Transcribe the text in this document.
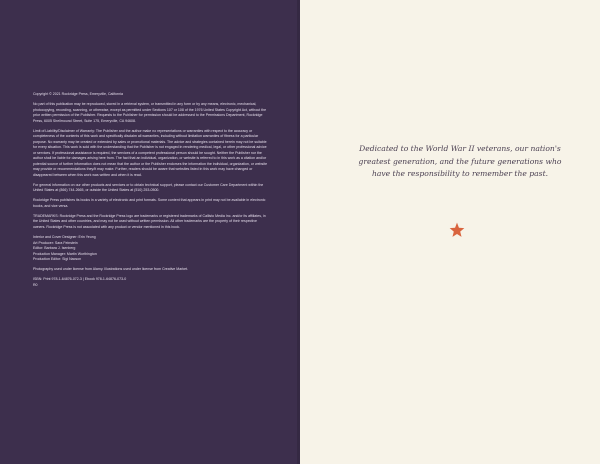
Copyright © 2021 Rockridge Press, Emeryville, California

No part of this publication may be reproduced, stored in a retrieval system, or transmitted in any form or by any means, electronic, mechanical, photocopying, recording, scanning, or otherwise, except as permitted under Sections 107 or 108 of the 1976 United States Copyright Act, without the prior written permission of the Publisher. Requests to the Publisher for permission should be addressed to the Permissions Department, Rockridge Press, 6005 Shellmound Street, Suite 175, Emeryville, CA 94608.

Limit of Liability/Disclaimer of Warranty: The Publisher and the author make no representations or warranties with respect to the accuracy or completeness of the contents of this work and specifically disclaim all warranties, including without limitation warranties of fitness for a particular purpose. No warranty may be created or extended by sales or promotional materials. The advice and strategies contained herein may not be suitable for every situation. This work is sold with the understanding that the Publisher is not engaged in rendering medical, legal, or other professional advice or services. If professional assistance is required, the services of a competent professional person should be sought. Neither the Publisher nor the author shall be liable for damages arising here from. The fact that an individual, organization, or website is referred to in this work as a citation and/or potential source of further information does not mean that the author or the Publisher endorses the information the individual, organization, or website may provide or recommendations they/it may make. Further, readers should be aware that websites listed in this work may have changed or disappeared between when this work was written and when it is read.

For general information on our other products and services or to obtain technical support, please contact our Customer Care Department within the United States at (866) 744-2665, or outside the United States at (510) 253-0500.

Rockridge Press publishes its books in a variety of electronic and print formats. Some content that appears in print may not be available in electronic books, and vice versa.

TRADEMARKS: Rockridge Press and the Rockridge Press logo are trademarks or registered trademarks of Callisto Media Inc. and/or its affiliates, in the United States and other countries, and may not be used without written permission. All other trademarks are the property of their respective owners. Rockridge Press is not associated with any product or vendor mentioned in this book.

Interior and Cover Designer: Erin Yeung

Art Producer: Sara Feinstein

Editor: Barbara J. Isenberg

Production Manager: Martin Worthington

Production Editor: Sigi Nacson

Photography used under license from Alamy. Illustrations used under license from Creative Market.

ISBN: Print 978-1-64876-072-3 | Ebook 978-1-64876-073-0

R0

Dedicated to the World War II veterans, our nation's

greatest generation, and the future generations who

have the responsibility to remember the past.
